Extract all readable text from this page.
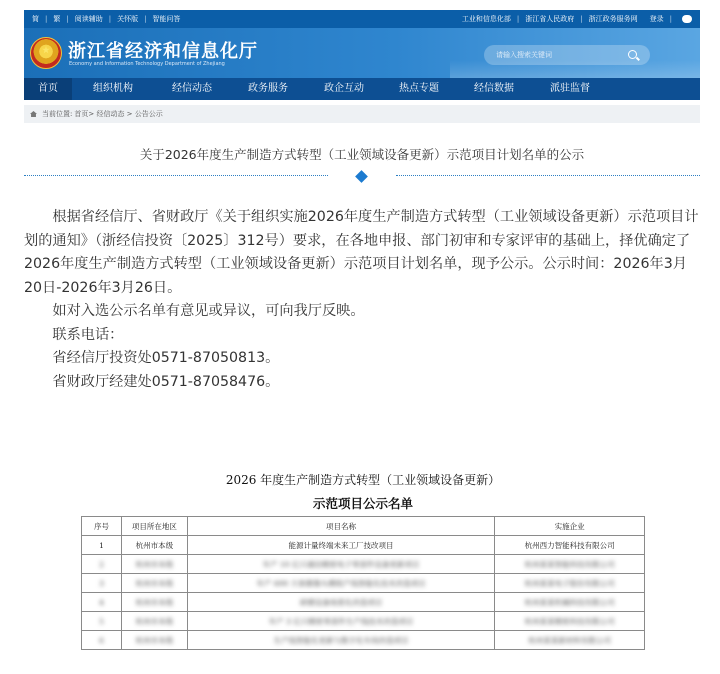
简 | 繁 | 阅读辅助 | 关怀版 | 智能问答	工业和信息化部 | 浙江省人民政府 | 浙江政务服务网 登录 |
浙江省经济和信息化厅
Economy and Information Technology Department of Zhejiang
请输入搜索关键词
首页	组织机构	经信动态	政务服务	政企互动	热点专题	经信数据	派驻监督
当前位置: 首页> 经信动态 > 公告公示
关于2026年度生产制造方式转型（工业领域设备更新）示范项目计划名单的公示

根据省经信厅、省财政厅《关于组织实施2026年度生产制造方式转型（工业领域设备更新）示范项目计划的通知》（浙经信投资〔2025〕312号）要求，在各地申报、部门初审和专家评审的基础上，择优确定了2026年度生产制造方式转型（工业领域设备更新）示范项目计划名单，现予公示。公示时间：2026年3月20日-2026年3月26日。

如对入选公示名单有意见或异议，可向我厅反映。

联系电话：

省经信厅投资处0571-87050813。

省财政厅经建处0571-87058476。

2026 年度生产制造方式转型（工业领域设备更新）
示范项目公示名单
序号	项目所在地区	项目名称	实施企业
1	杭州市本级	能源计量终端未来工厂技改项目	杭州西力智能科技有限公司
2	杭州市本级	年产 10 亿只通信精密电子零部件设备更新项目	杭州某某智能科技有限公司
3	杭州市本级	年产 600 万套摄像头模组产线智能化技术改造项目	杭州某某电子股份有限公司
4	杭州市本级	研磨设备场景化改造项目	杭州某某机械科技有限公司
5	杭州市本级	年产 3 亿只精密零部件生产线技术改造项目	杭州某某精密科技有限公司
6	杭州市本级	生产线智能化更新与数字化车间改造项目	杭州某某新材料有限公司
